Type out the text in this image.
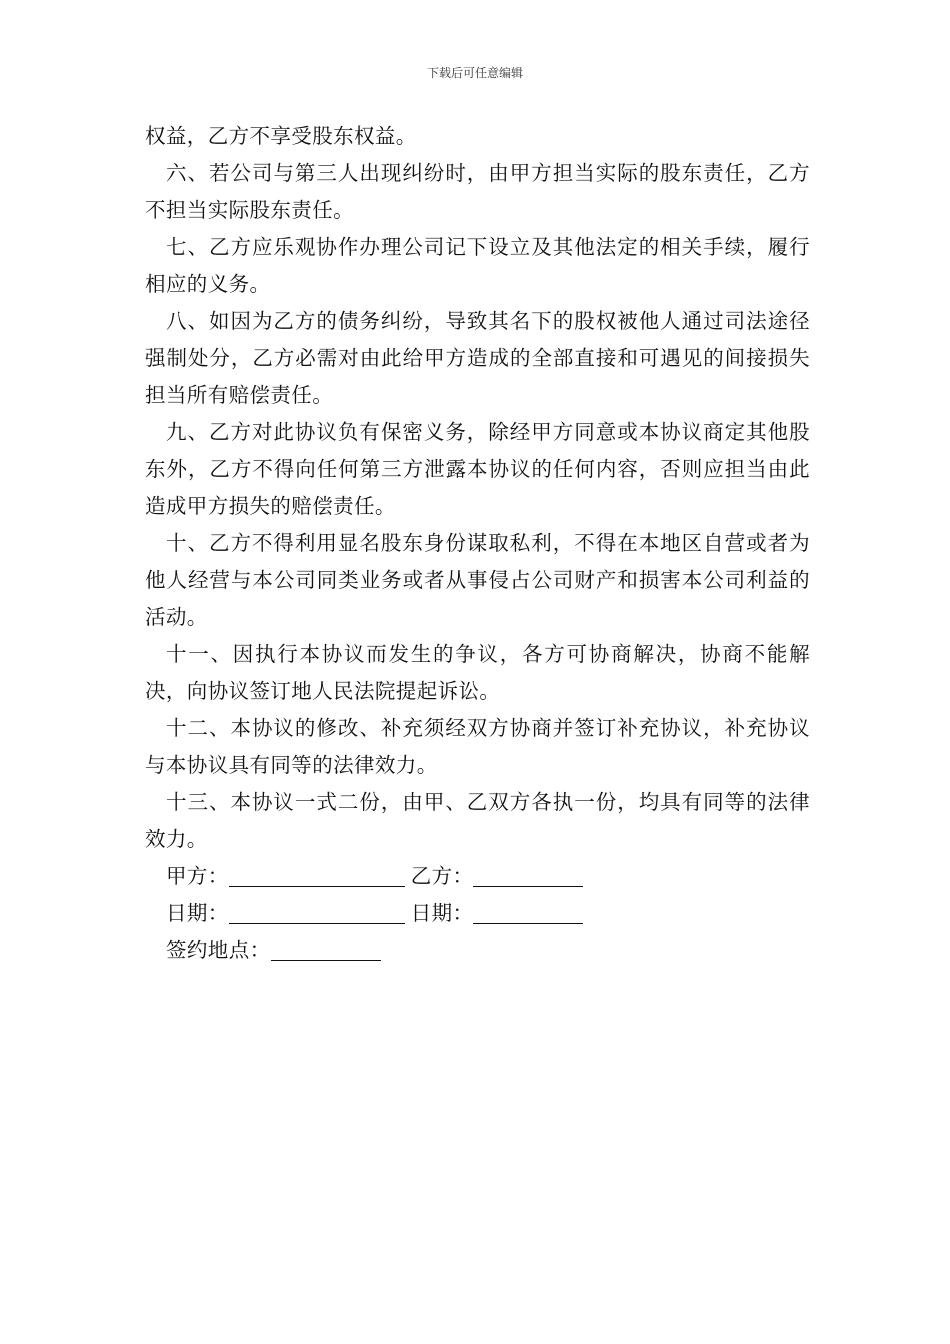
下载后可任意编辑

权益，乙方不享受股东权益。

六、若公司与第三人出现纠纷时，由甲方担当实际的股东责任，乙方不担当实际股东责任。

七、乙方应乐观协作办理公司记下设立及其他法定的相关手续，履行相应的义务。

八、如因为乙方的债务纠纷，导致其名下的股权被他人通过司法途径强制处分，乙方必需对由此给甲方造成的全部直接和可遇见的间接损失担当所有赔偿责任。

九、乙方对此协议负有保密义务，除经甲方同意或本协议商定其他股东外，乙方不得向任何第三方泄露本协议的任何内容，否则应担当由此造成甲方损失的赔偿责任。

十、乙方不得利用显名股东身份谋取私利，不得在本地区自营或者为他人经营与本公司同类业务或者从事侵占公司财产和损害本公司利益的活动。

十一、因执行本协议而发生的争议，各方可协商解决，协商不能解决，向协议签订地人民法院提起诉讼。

十二、本协议的修改、补充须经双方协商并签订补充协议，补充协议与本协议具有同等的法律效力。

十三、本协议一式二份，由甲、乙双方各执一份，均具有同等的法律效力。

甲方：	乙方：

日期：	日期：

签约地点：
